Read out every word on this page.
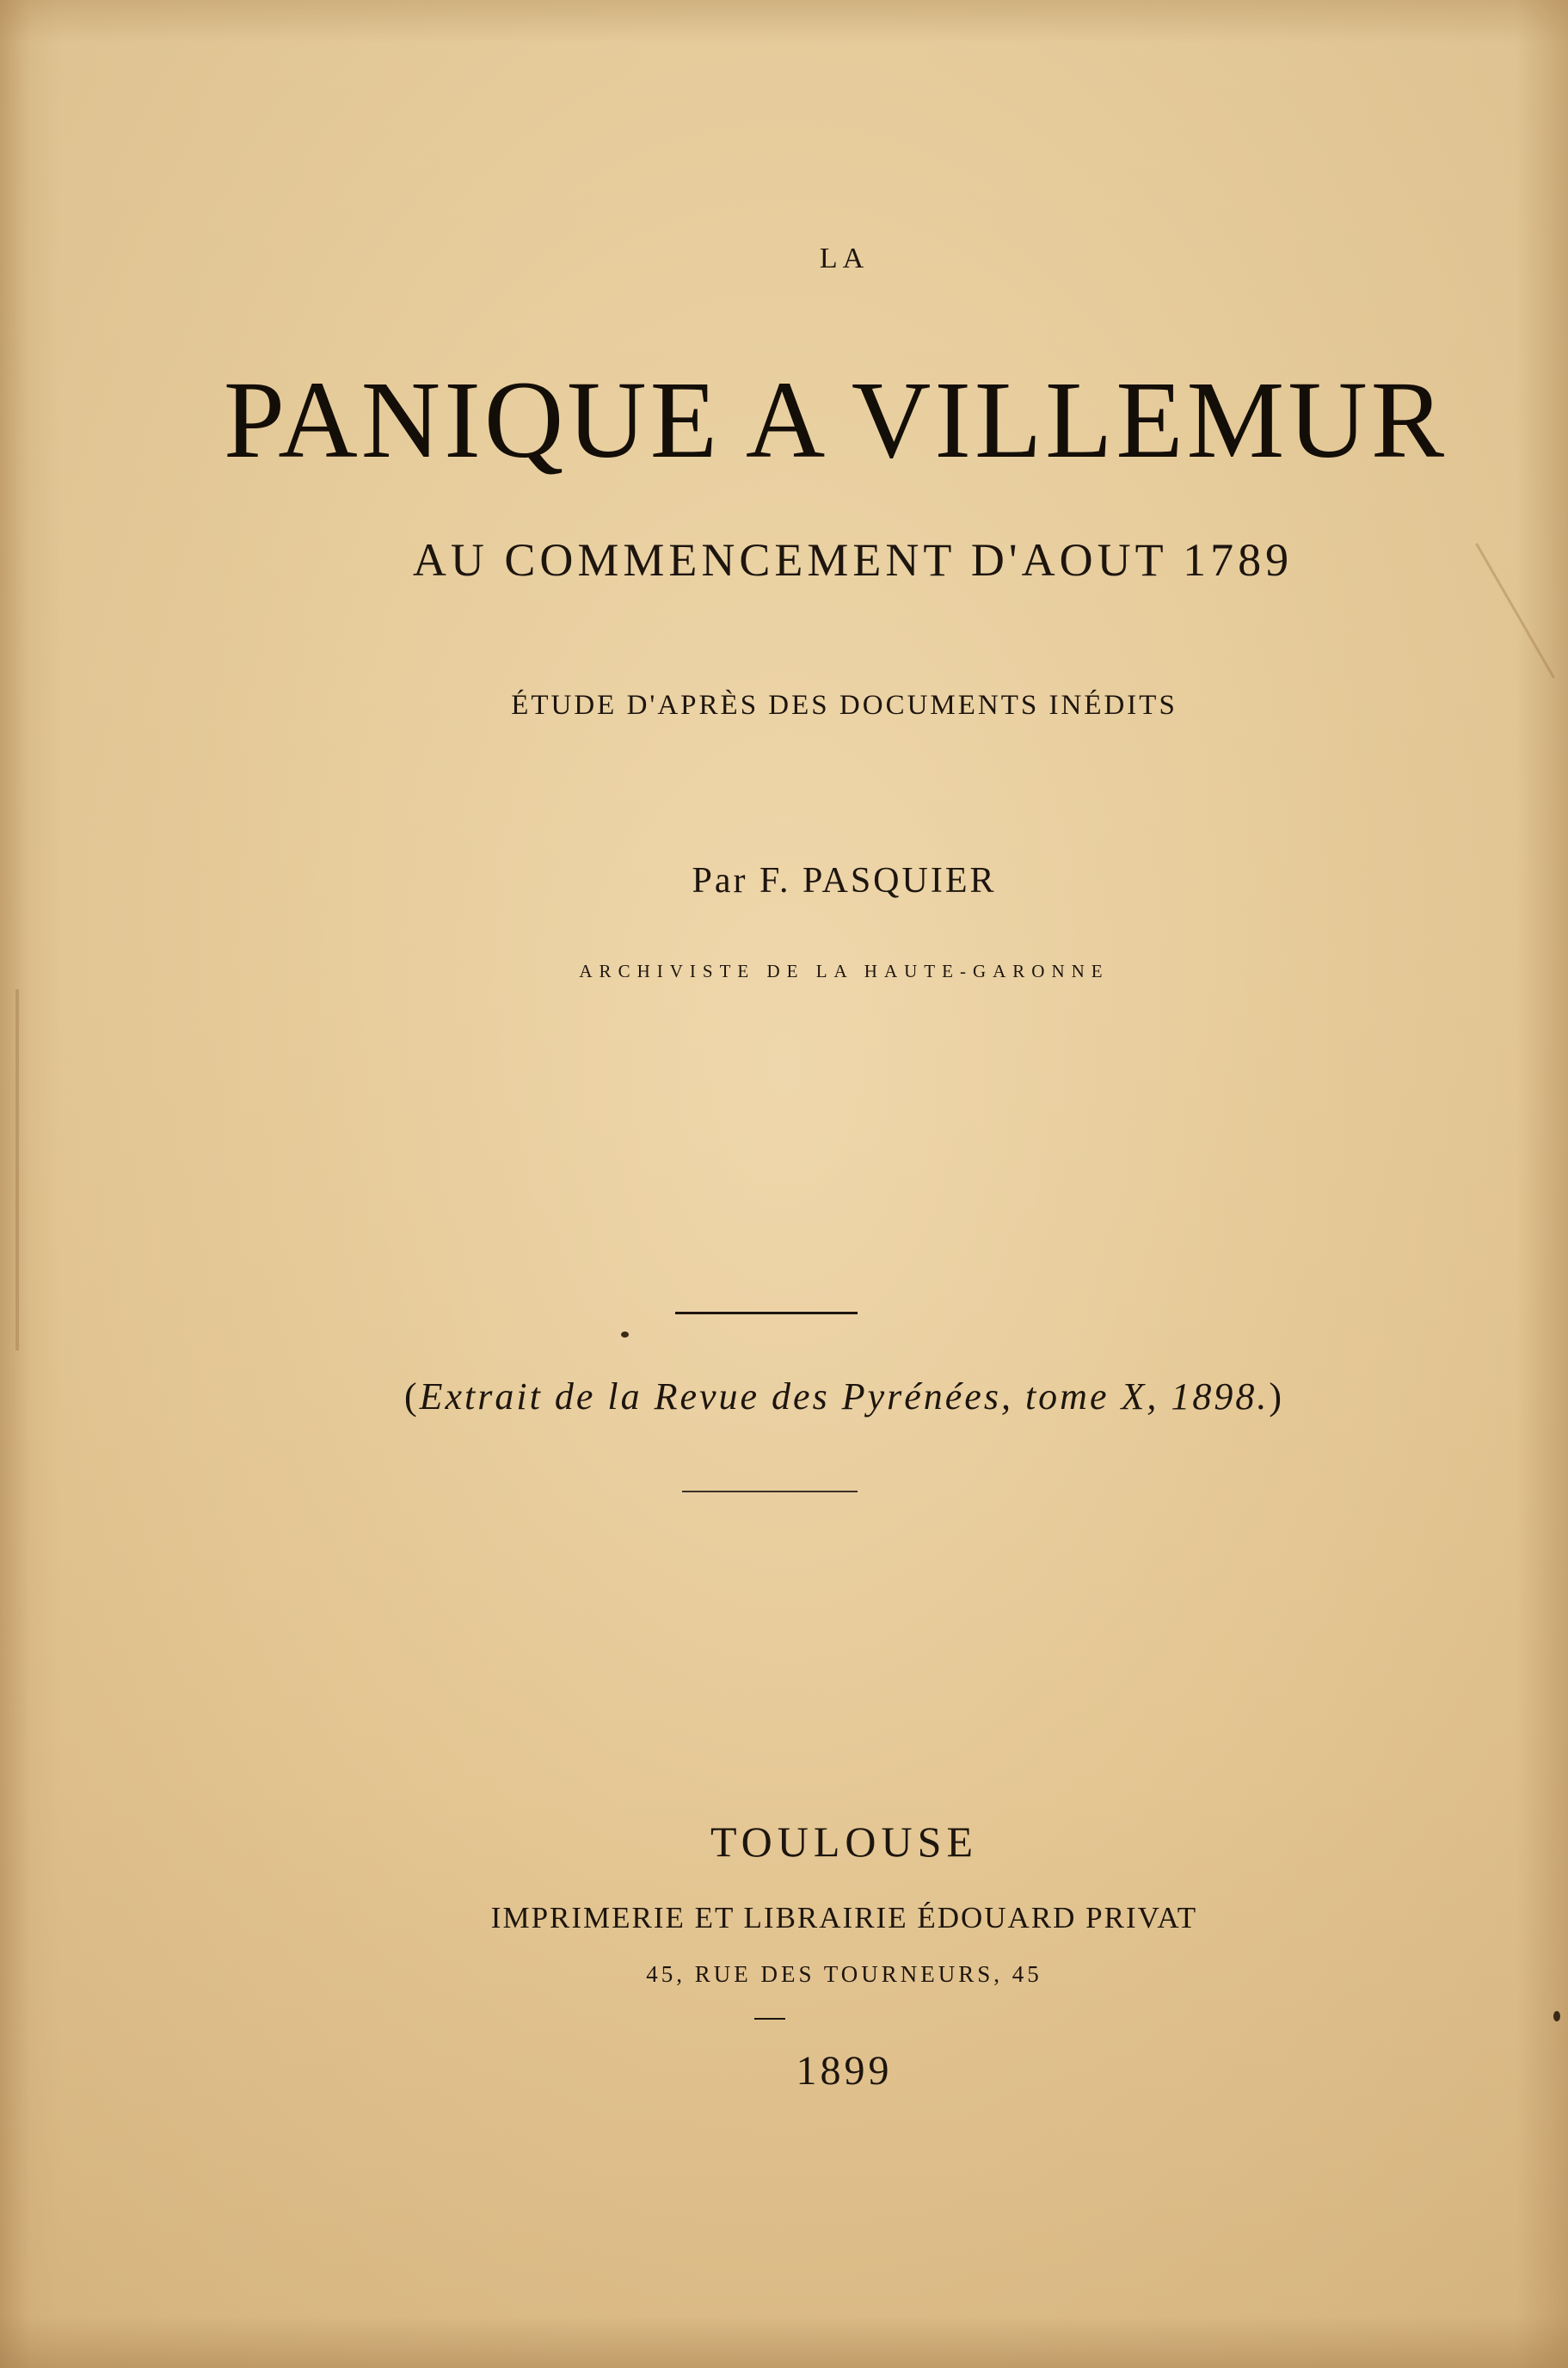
LA
PANIQUE A VILLEMUR
AU COMMENCEMENT D'AOUT 1789
ÉTUDE D'APRÈS DES DOCUMENTS INÉDITS
Par F. PASQUIER
ARCHIVISTE DE LA HAUTE-GARONNE
(Extrait de la Revue des Pyrénées, tome X, 1898.)
TOULOUSE
IMPRIMERIE ET LIBRAIRIE ÉDOUARD PRIVAT
45, RUE DES TOURNEURS, 45
1899
